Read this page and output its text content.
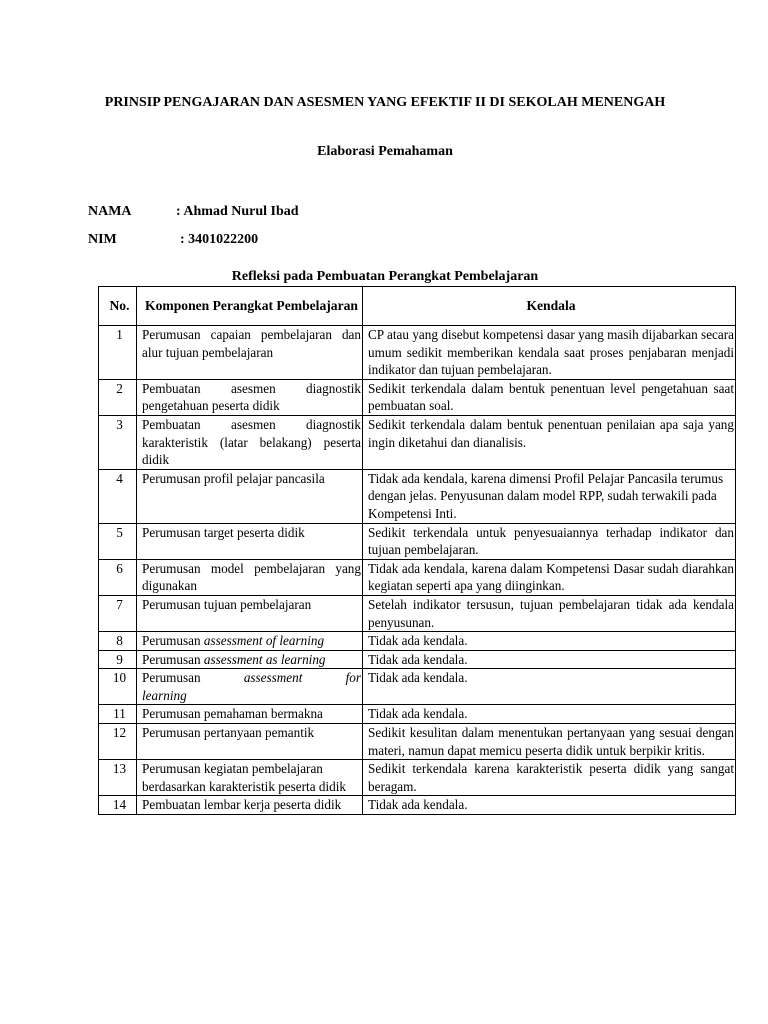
PRINSIP PENGAJARAN DAN ASESMEN YANG EFEKTIF II DI SEKOLAH MENENGAH
Elaborasi Pemahaman
NAMA	: Ahmad Nurul Ibad
NIM	: 3401022200
Refleksi pada Pembuatan Perangkat Pembelajaran
No.	Komponen Perangkat Pembelajaran	Kendala
1	Perumusan capaian pembelajaran dan alur tujuan pembelajaran	CP atau yang disebut kompetensi dasar yang masih dijabarkan secara umum sedikit memberikan kendala saat proses penjabaran menjadi indikator dan tujuan pembelajaran.
2	Pembuatan asesmen diagnostik pengetahuan peserta didik	Sedikit terkendala dalam bentuk penentuan level pengetahuan saat pembuatan soal.
3	Pembuatan asesmen diagnostik karakteristik (latar belakang) peserta didik	Sedikit terkendala dalam bentuk penentuan penilaian apa saja yang ingin diketahui dan dianalisis.
4	Perumusan profil pelajar pancasila	Tidak ada kendala, karena dimensi Profil Pelajar Pancasila terumus dengan jelas. Penyusunan dalam model RPP, sudah terwakili pada Kompetensi Inti.
5	Perumusan target peserta didik	Sedikit terkendala untuk penyesuaiannya terhadap indikator dan tujuan pembelajaran.
6	Perumusan model pembelajaran yang digunakan	Tidak ada kendala, karena dalam Kompetensi Dasar sudah diarahkan kegiatan seperti apa yang diinginkan.
7	Perumusan tujuan pembelajaran	Setelah indikator tersusun, tujuan pembelajaran tidak ada kendala penyusunan.
8	Perumusan assessment of learning	Tidak ada kendala.
9	Perumusan assessment as learning	Tidak ada kendala.
10	Perumusan assessment for learning	Tidak ada kendala.
11	Perumusan pemahaman bermakna	Tidak ada kendala.
12	Perumusan pertanyaan pemantik	Sedikit kesulitan dalam menentukan pertanyaan yang sesuai dengan materi, namun dapat memicu peserta didik untuk berpikir kritis.
13	Perumusan kegiatan pembelajaran berdasarkan karakteristik peserta didik	Sedikit terkendala karena karakteristik peserta didik yang sangat beragam.
14	Pembuatan lembar kerja peserta didik	Tidak ada kendala.
